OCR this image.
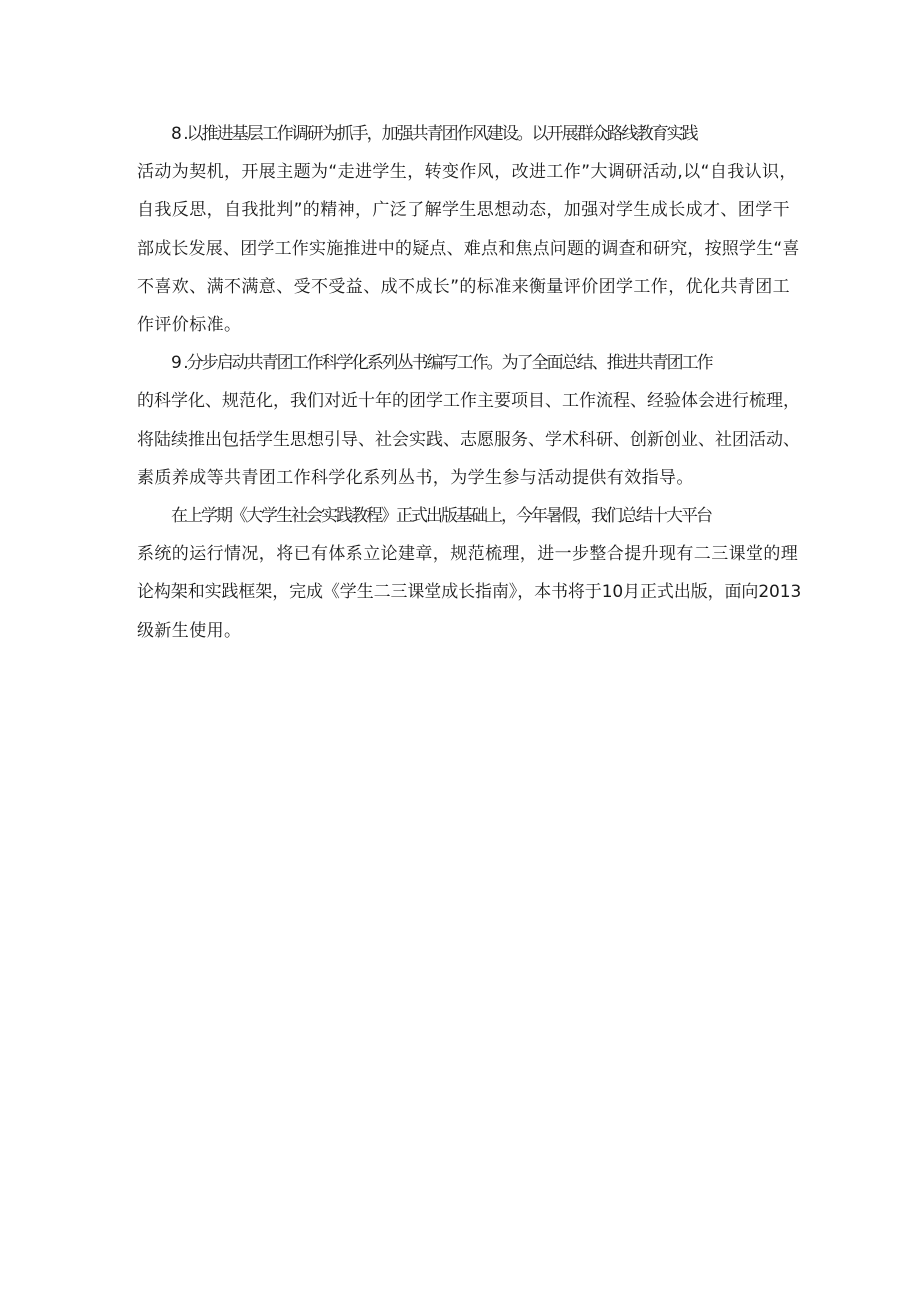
8 .以推进基层工作调研为抓手，加强共青团作风建设。以开展群众路线教育实践
活动为契机，开展主题为“走进学生，转变作风，改进工作”大调研活动,以“自我认识，
自我反思，自我批判”的精神，广泛了解学生思想动态，加强对学生成长成才、团学干
部成长发展、团学工作实施推进中的疑点、难点和焦点问题的调查和研究，按照学生“喜
不喜欢、满不满意、受不受益、成不成长”的标准来衡量评价团学工作，优化共青团工
作评价标准。

9 .分步启动共青团工作科学化系列丛书编写工作。为了全面总结、推进共青团工作
的科学化、规范化，我们对近十年的团学工作主要项目、工作流程、经验体会进行梳理，
将陆续推出包括学生思想引导、社会实践、志愿服务、学术科研、创新创业、社团活动、
素质养成等共青团工作科学化系列丛书，为学生参与活动提供有效指导。

在上学期《大学生社会实践教程》正式出版基础上，今年暑假，我们总结十大平台
系统的运行情况，将已有体系立论建章，规范梳理，进一步整合提升现有二三课堂的理
论构架和实践框架，完成《学生二三课堂成长指南》，本书将于10月正式出版，面向2013
级新生使用。
